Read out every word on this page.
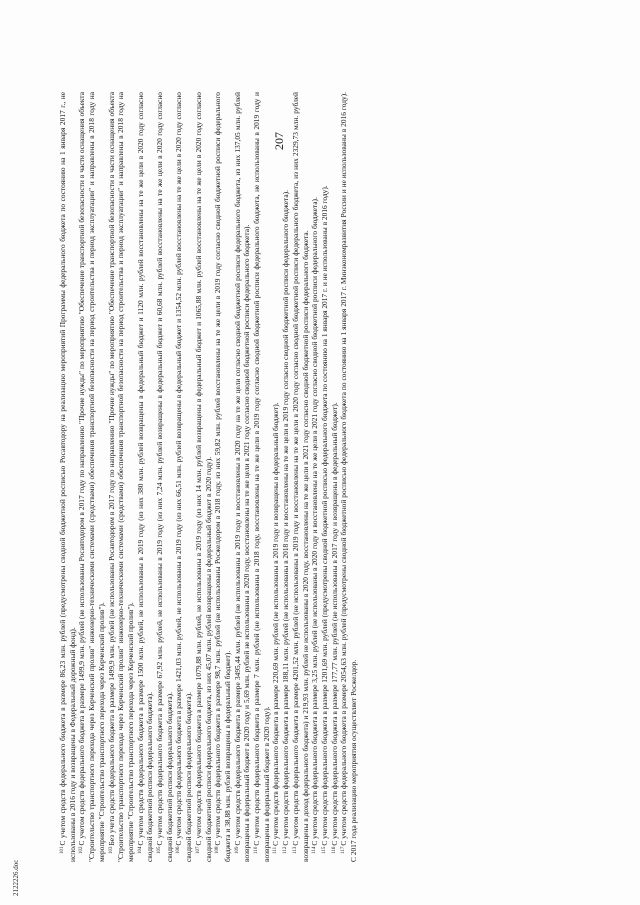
207

$^{101}$С учетом средств федерального бюджета в размере 86,23 млн. рублей (предусмотрены сводной бюджетной росписью Росавтодору на реализацию мероприятий Программы федерального бюджета по состоянию на 1 января 2017 г., не использованы в 2016 году и возвращены в Федеральный дорожный фонд). $^{102}$С учетом средств федерального бюджета в размере 1499,9 млн. рублей (не использованы Росавтодором в 2017 году по направлению "Прочие нужды" по мероприятию "Обеспечение транспортной безопасности в части оснащения объекта "Строительство транспортного перехода через Керченский пролив" инженерно-техническими системами (средствами) обеспечения транспортной безопасности на период строительства и период эксплуатации" и направлены в 2018 году на мероприятие "Строительство транспортного перехода через Керченский пролив"). $^{103}$Без учета средств федерального бюджета в размере 1499,9 млн. рублей (не использованы Росавтодором в 2017 году по направлению "Прочие нужды" по мероприятию "Обеспечение транспортной безопасности в части оснащения объекта "Строительство транспортного перехода через Керченский пролив" инженерно-техническими системами (средствами) обеспечения транспортной безопасности на период строительства и период эксплуатации" и направлены в 2018 году на мероприятие "Строительство транспортного перехода через Керченский пролив"). $^{104}$С учетом средств федерального бюджета в размере 1500 млн. рублей, не использованы в 2019 году (из них 380 млн. рублей возвращены в федеральный бюджет и 1120 млн. рублей восстановлены на те же цели в 2020 году согласно сводной бюджетной росписи федерального бюджета). $^{105}$С учетом средств федерального бюджета в размере 67,92 млн. рублей, не использованы в 2019 году (из них 7,24 млн. рублей возвращены в федеральный бюджет и 60,68 млн. рублей восстановлены на те же цели в 2020 году согласно сводной бюджетной росписи федерального бюджета). $^{106}$С учетом средств федерального бюджета в размере 1421,03 млн. рублей, не использованы в 2019 году (из них 66,51 млн. рублей возвращены в федеральный бюджет и 1354,52 млн. рублей восстановлены на те же цели в 2020 году согласно сводной бюджетной росписи федерального бюджета). $^{107}$С учетом средств федерального бюджета в размере 1079,88 млн. рублей, не использованы в 2019 году (из них 14 млн. рублей возвращены в федеральный бюджет и 1065,88 млн. рублей восстановлены на те же цели в 2020 году согласно сводной бюджетной росписи федерального бюджета, из них 45,07 млн. рублей возвращены в федеральный бюджет в 2020 году). $^{108}$С учетом средств федерального бюджета в размере 98,7 млн. рублей (не использованы Росжелдором в 2018 году, из них 59,82 млн. рублей восстановлены на те же цели в 2019 году согласно сводной бюджетной росписи федерального бюджета и 38,88 млн. рублей возвращены в федеральный бюджет). $^{109}$С учетом средств федерального бюджета в размере 3495,44 млн. рублей (не использованы в 2019 году и восстановлены в 2020 году на те же цели согласно сводной бюджетной росписи федерального бюджета, из них 137,05 млн. рублей возвращены в федеральный бюджет в 2020 году и 5,69 млн. рублей не использованы в 2020 году, восстановлены на те же цели в 2021 году согласно сводной бюджетной росписи федерального бюджета). $^{110}$С учетом средств федерального бюджета в размере 7 млн. рублей (не использованы в 2018 году, восстановлены на те же цели в 2019 году согласно сводной бюджетной росписи федерального бюджета, не использованы в 2019 году и возвращены в федеральный бюджет в 2020 году). $^{111}$С учетом средств федерального бюджета в размере 220,69 млн. рублей (не использованы в 2019 году и возвращены в федеральный бюджет).

$^{112}$С учетом средств федерального бюджета в размере 188,11 млн. рублей (не использованы в 2018 году и восстановлены на те же цели в 2019 году согласно сводной бюджетной росписи федерального бюджета).

$^{113}$С учетом средств федерального бюджета в размере 4201,52 млн. рублей (не использованы в 2019 году и восстановлены на те же цели в 2020 году согласно сводной бюджетной росписи федерального бюджета, из них 2329,73 млн. рублей возвращены в доход федерального бюджета) и 219,93 млн. рублей не использованы в 2020 году, восстановлены на те же цели в 2021 году согласно сводной бюджетной росписи федерального бюджета. $^{114}$С учетом средств федерального бюджета в размере 3,25 млн. рублей (не использованы в 2020 году и восстановлены на те же цели в 2021 году согласно сводной бюджетной росписи федерального бюджета).

$^{115}$С учетом средств федерального бюджета в размере 1201,69 млн. рублей (предусмотрены сводной бюджетной росписью федерального бюджета по состоянию на 1 января 2017 г. и не использованы в 2016 году).

$^{116}$С учетом средств федерального бюджета в размере 177,77 млн. рублей (не использованы в 2017 году и возвращены в федеральный бюджет).

$^{117}$С учетом средств федерального бюджета в размере 2054,63 млн. рублей (предусмотрены сводной бюджетной росписью федерального бюджета по состоянию на 1 января 2017 г. Минэкономразвития России и не использованы в 2016 году). С 2017 года реализацию мероприятия осуществляет Росжелдор.

2122226.doc
